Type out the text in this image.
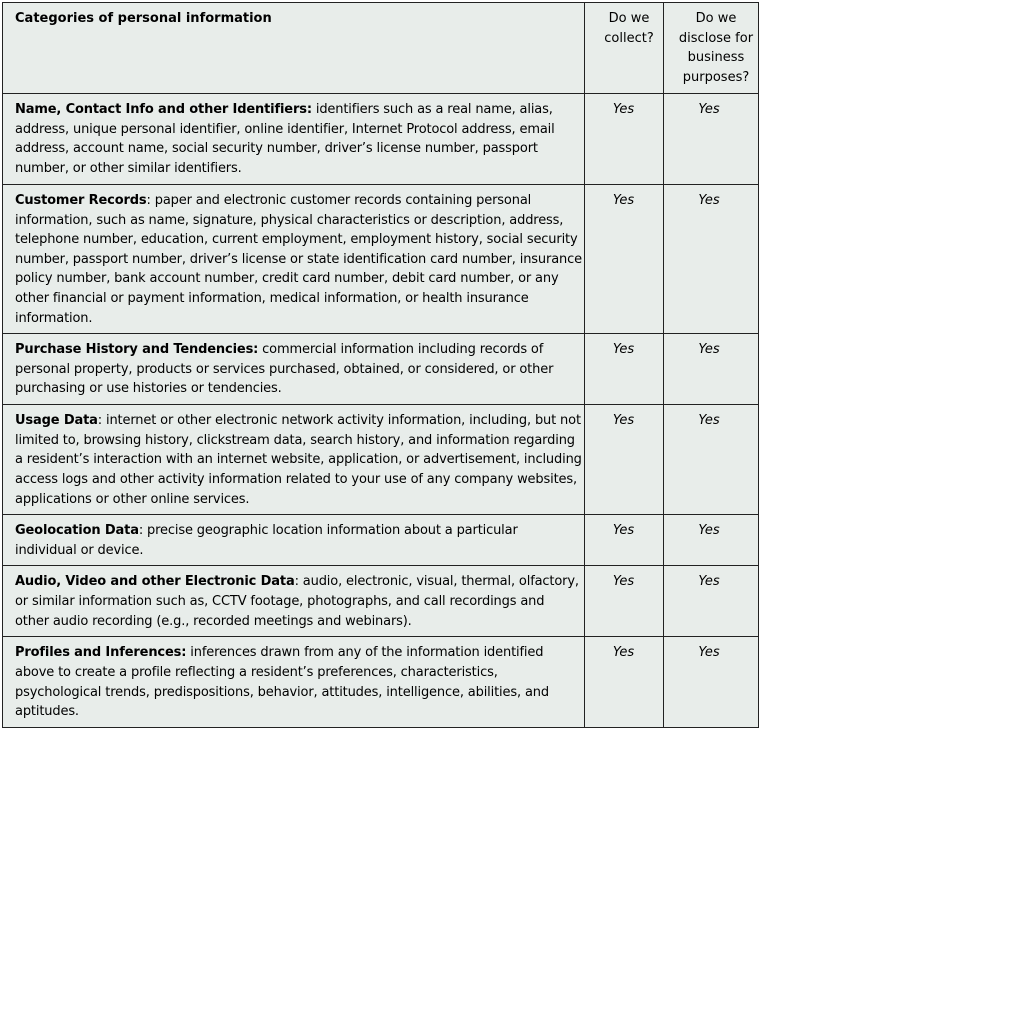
Categories of personal information	Do we collect?	Do we disclose for business purposes?
Name, Contact Info and other Identifiers: identifiers such as a real name, alias, address, unique personal identifier, online identifier, Internet Protocol address, email address, account name, social security number, driver’s license number, passport number, or other similar identifiers.	Yes	Yes
Customer Records: paper and electronic customer records containing personal information, such as name, signature, physical characteristics or description, address, telephone number, education, current employment, employment history, social security number, passport number, driver’s license or state identification card number, insurance policy number, bank account number, credit card number, debit card number, or any other financial or payment information, medical information, or health insurance information.	Yes	Yes
Purchase History and Tendencies: commercial information including records of personal property, products or services purchased, obtained, or considered, or other purchasing or use histories or tendencies.	Yes	Yes
Usage Data: internet or other electronic network activity information, including, but not limited to, browsing history, clickstream data, search history, and information regarding a resident’s interaction with an internet website, application, or advertisement, including access logs and other activity information related to your use of any company websites, applications or other online services.	Yes	Yes
Geolocation Data: precise geographic location information about a particular individual or device.	Yes	Yes
Audio, Video and other Electronic Data: audio, electronic, visual, thermal, olfactory, or similar information such as, CCTV footage, photographs, and call recordings and other audio recording (e.g., recorded meetings and webinars).	Yes	Yes
Profiles and Inferences: inferences drawn from any of the information identified above to create a profile reflecting a resident’s preferences, characteristics, psychological trends, predispositions, behavior, attitudes, intelligence, abilities, and aptitudes.	Yes	Yes
